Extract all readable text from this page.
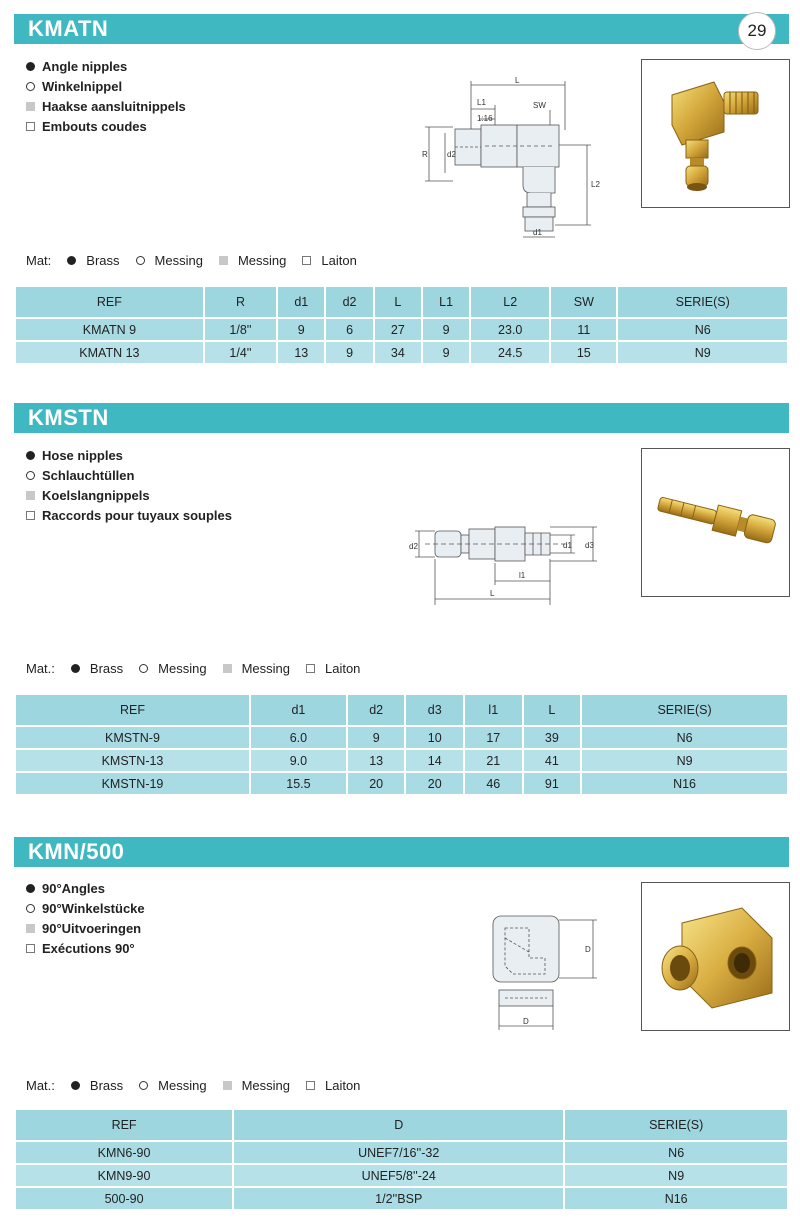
KMATN	29
Angle nipples
Winkelnippel
Haakse aansluitnippels
Embouts coudes
L
L1
1:16
SW
R d2
L2
d1
Mat:	Brass	Messing	Messing	Laiton
REF	R	d1	d2	L	L1	L2	SW	SERIE(S)
KMATN 9	1/8''	9	6	27	9	23.0	11	N6
KMATN 13	1/4''	13	9	34	9	24.5	15	N9
KMSTN
Hose nipples
Schlauchtüllen
Koelslangnippels
Raccords pour tuyaux souples
d2	d1 d3
l1
L
Mat.:	Brass	Messing	Messing	Laiton
REF	d1	d2	d3	l1	L	SERIE(S)
KMSTN-9	6.0	9	10	17	39	N6
KMSTN-13	9.0	13	14	21	41	N9
KMSTN-19	15.5	20	20	46	91	N16
KMN/500
90°Angles
90°Winkelstücke
90°Uitvoeringen
Exécutions 90°	D
D
Mat.:	Brass	Messing	Messing	Laiton
REF	D	SERIE(S)
KMN6-90	UNEF7/16''-32	N6
KMN9-90	UNEF5/8''-24	N9
500-90	1/2''BSP	N16
